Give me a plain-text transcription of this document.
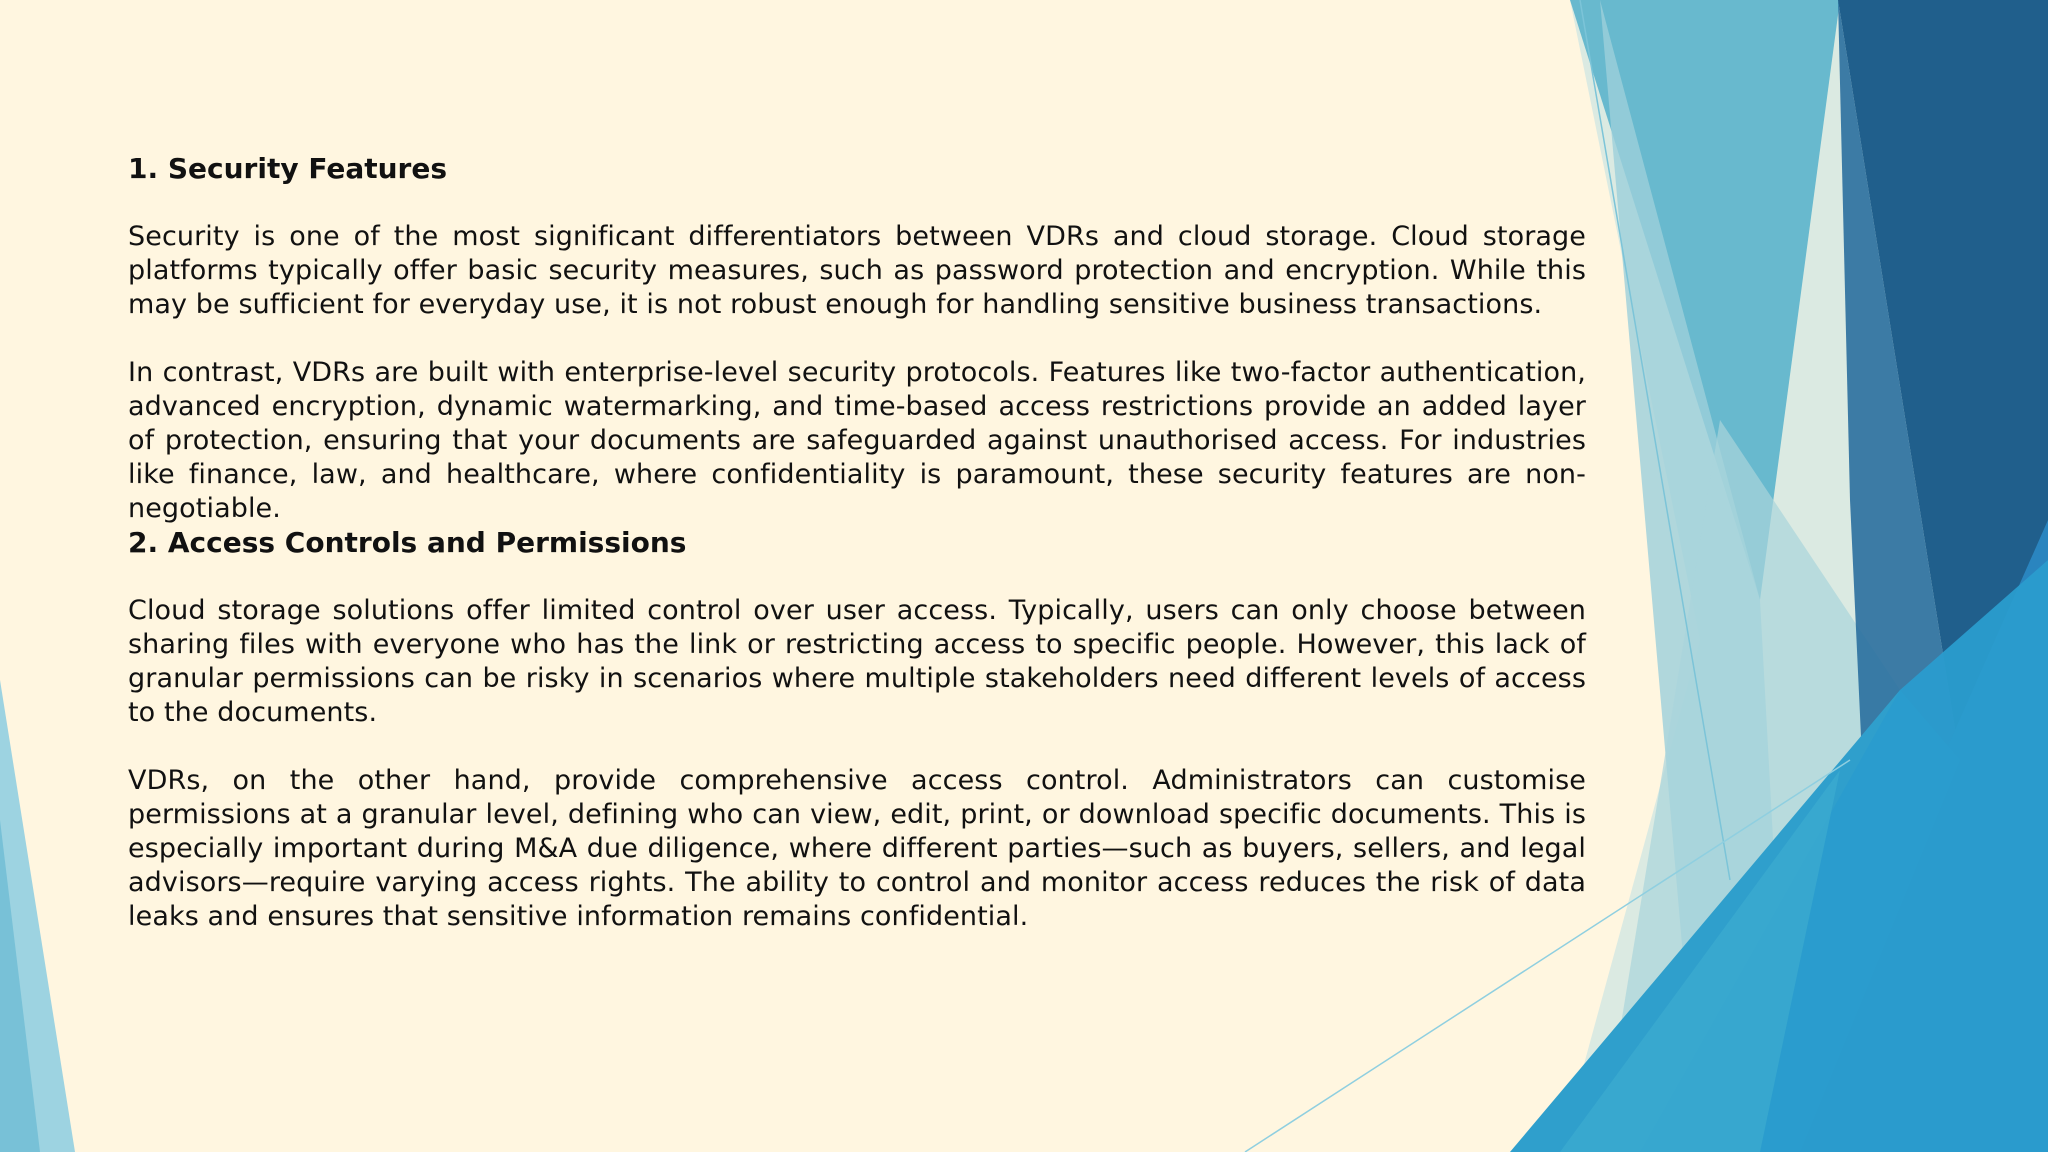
1. Security Features

Security is one of the most significant differentiators between VDRs and cloud storage. Cloud storage platforms typically offer basic security measures, such as password protection and encryption. While this may be sufficient for everyday use, it is not robust enough for handling sensitive business transactions.

In contrast, VDRs are built with enterprise-level security protocols. Features like two-factor authentication, advanced encryption, dynamic watermarking, and time-based access restrictions provide an added layer of protection, ensuring that your documents are safeguarded against unauthorised access. For industries like finance, law, and healthcare, where confidentiality is paramount, these security features are non-negotiable.

2. Access Controls and Permissions

Cloud storage solutions offer limited control over user access. Typically, users can only choose between sharing files with everyone who has the link or restricting access to specific people. However, this lack of granular permissions can be risky in scenarios where multiple stakeholders need different levels of access to the documents.

VDRs, on the other hand, provide comprehensive access control. Administrators can customise permissions at a granular level, defining who can view, edit, print, or download specific documents. This is especially important during M&A due diligence, where different parties—such as buyers, sellers, and legal advisors—require varying access rights. The ability to control and monitor access reduces the risk of data leaks and ensures that sensitive information remains confidential.
